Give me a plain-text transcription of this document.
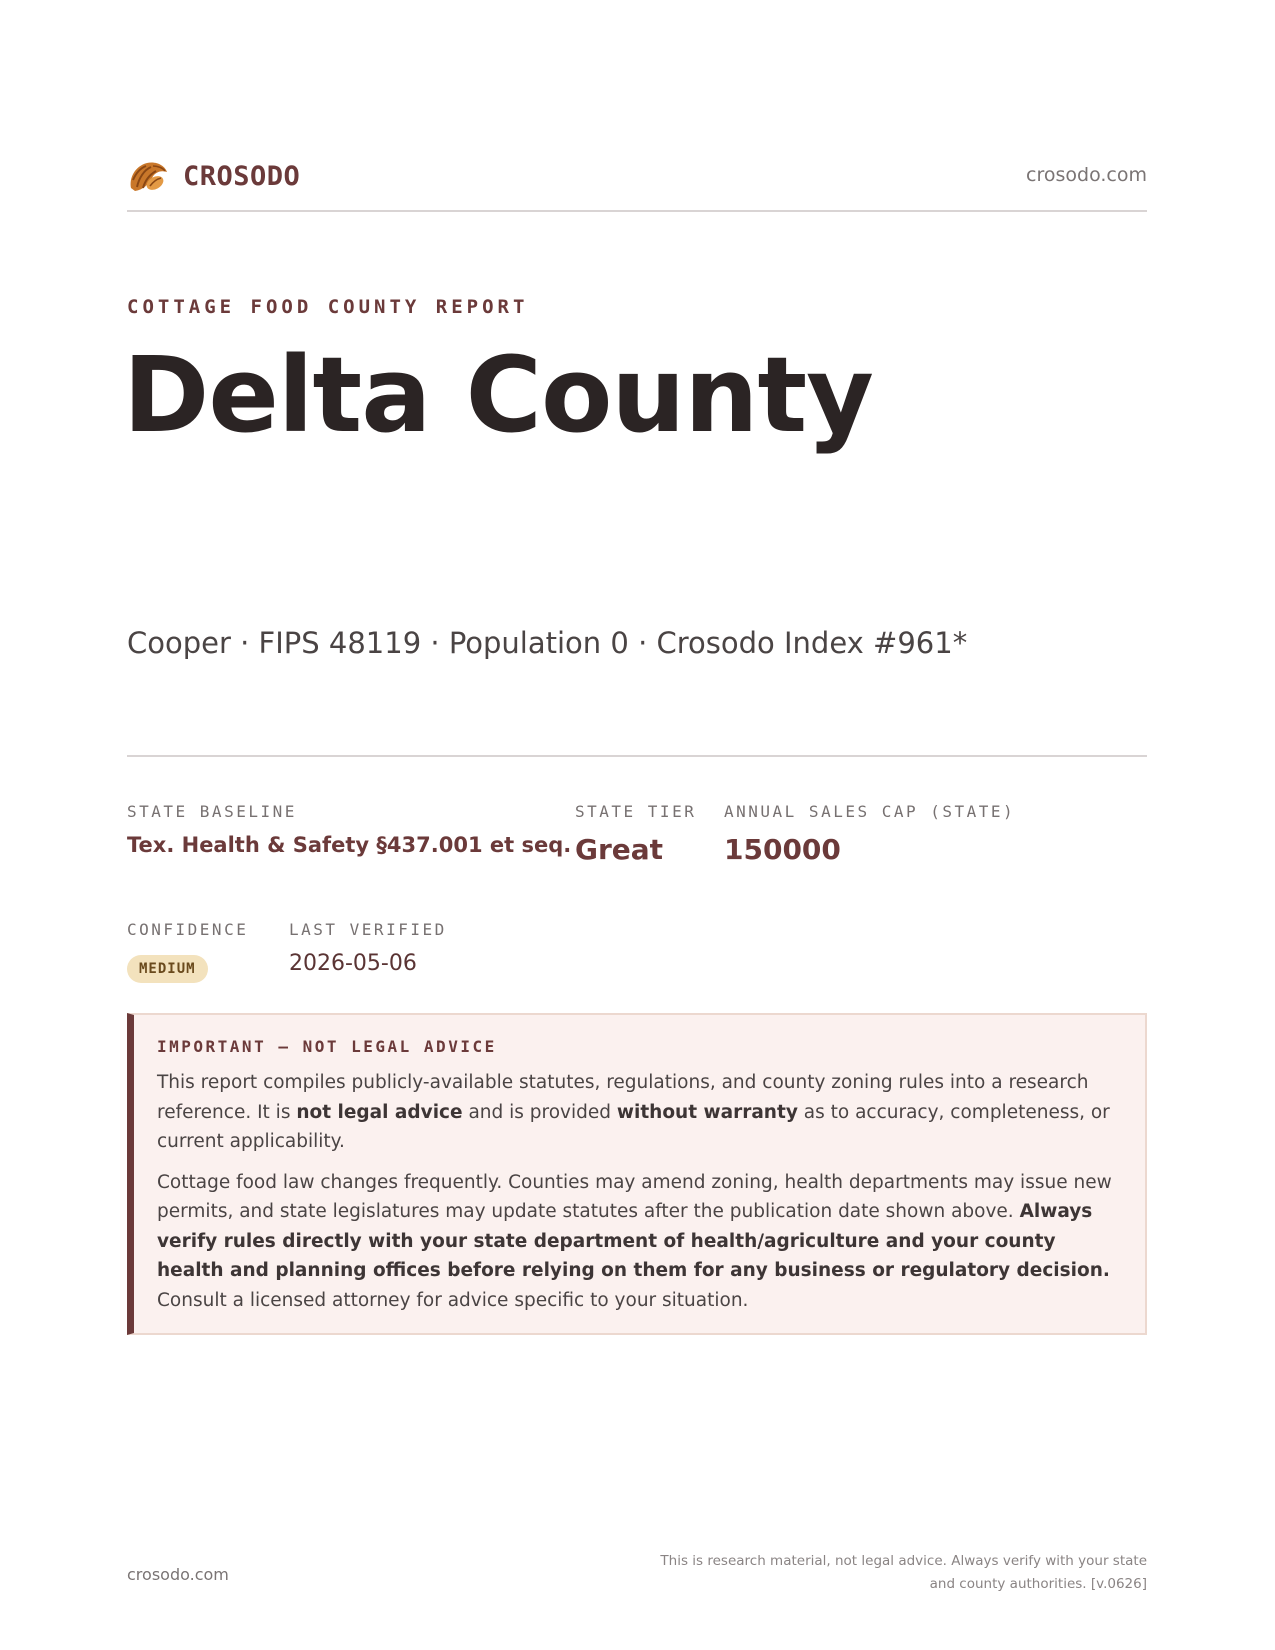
CROSODO	crosodo.com
COTTAGE FOOD COUNTY REPORT
Delta County
Cooper · FIPS 48119 · Population 0 · Crosodo Index #961*
STATE BASELINE
Tex. Health & Safety §437.001 et seq.
STATE TIER
Great
ANNUAL SALES CAP (STATE)
150000
CONFIDENCE
MEDIUM
LAST VERIFIED
2026-05-06
IMPORTANT — NOT LEGAL ADVICE

This report compiles publicly-available statutes, regulations, and county zoning rules into a research reference. It is not legal advice and is provided without warranty as to accuracy, completeness, or current applicability.

Cottage food law changes frequently. Counties may amend zoning, health departments may issue new permits, and state legislatures may update statutes after the publication date shown above. Always verify rules directly with your state department of health/agriculture and your county health and planning offices before relying on them for any business or regulatory decision. Consult a licensed attorney for advice specific to your situation.

crosodo.com
This is research material, not legal advice. Always verify with your state
and county authorities. [v.0626]
